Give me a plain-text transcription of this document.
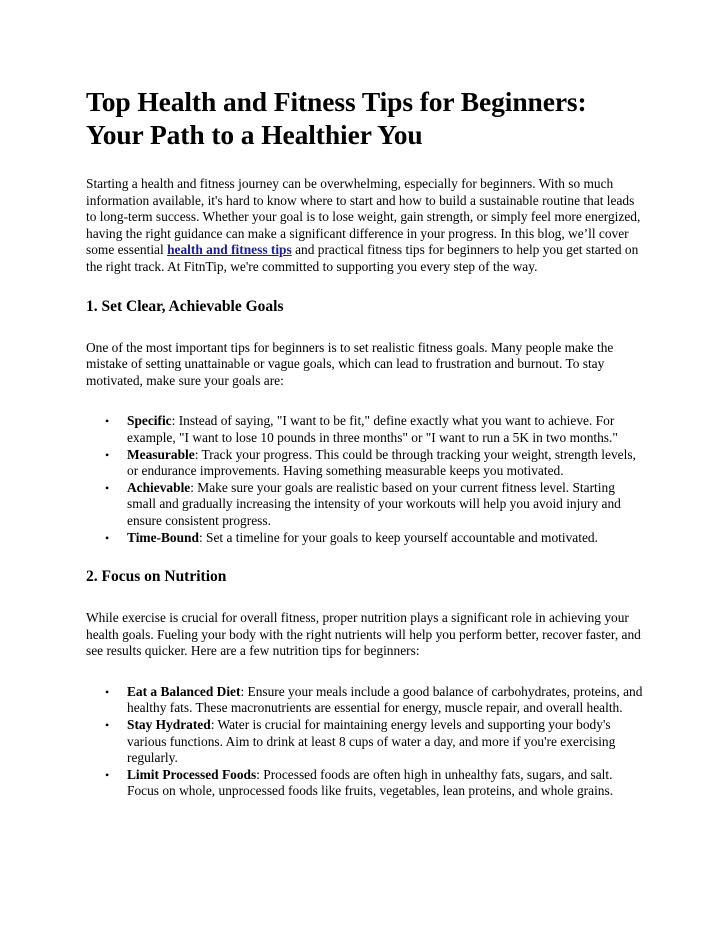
Top Health and Fitness Tips for Beginners: Your Path to a Healthier You

Starting a health and fitness journey can be overwhelming, especially for beginners. With so much information available, it's hard to know where to start and how to build a sustainable routine that leads to long-term success. Whether your goal is to lose weight, gain strength, or simply feel more energized, having the right guidance can make a significant difference in your progress. In this blog, we’ll cover some essential health and fitness tips and practical fitness tips for beginners to help you get started on the right track. At FitnTip, we're committed to supporting you every step of the way.

1. Set Clear, Achievable Goals

One of the most important tips for beginners is to set realistic fitness goals. Many people make the mistake of setting unattainable or vague goals, which can lead to frustration and burnout. To stay motivated, make sure your goals are:

• Specific: Instead of saying, "I want to be fit," define exactly what you want to achieve. For example, "I want to lose 10 pounds in three months" or "I want to run a 5K in two months."
• Measurable: Track your progress. This could be through tracking your weight, strength levels, or endurance improvements. Having something measurable keeps you motivated.
• Achievable: Make sure your goals are realistic based on your current fitness level. Starting small and gradually increasing the intensity of your workouts will help you avoid injury and ensure consistent progress.
• Time-Bound: Set a timeline for your goals to keep yourself accountable and motivated.
2. Focus on Nutrition

While exercise is crucial for overall fitness, proper nutrition plays a significant role in achieving your health goals. Fueling your body with the right nutrients will help you perform better, recover faster, and see results quicker. Here are a few nutrition tips for beginners:

• Eat a Balanced Diet: Ensure your meals include a good balance of carbohydrates, proteins, and healthy fats. These macronutrients are essential for energy, muscle repair, and overall health.
• Stay Hydrated: Water is crucial for maintaining energy levels and supporting your body's various functions. Aim to drink at least 8 cups of water a day, and more if you're exercising regularly.
• Limit Processed Foods: Processed foods are often high in unhealthy fats, sugars, and salt. Focus on whole, unprocessed foods like fruits, vegetables, lean proteins, and whole grains.
